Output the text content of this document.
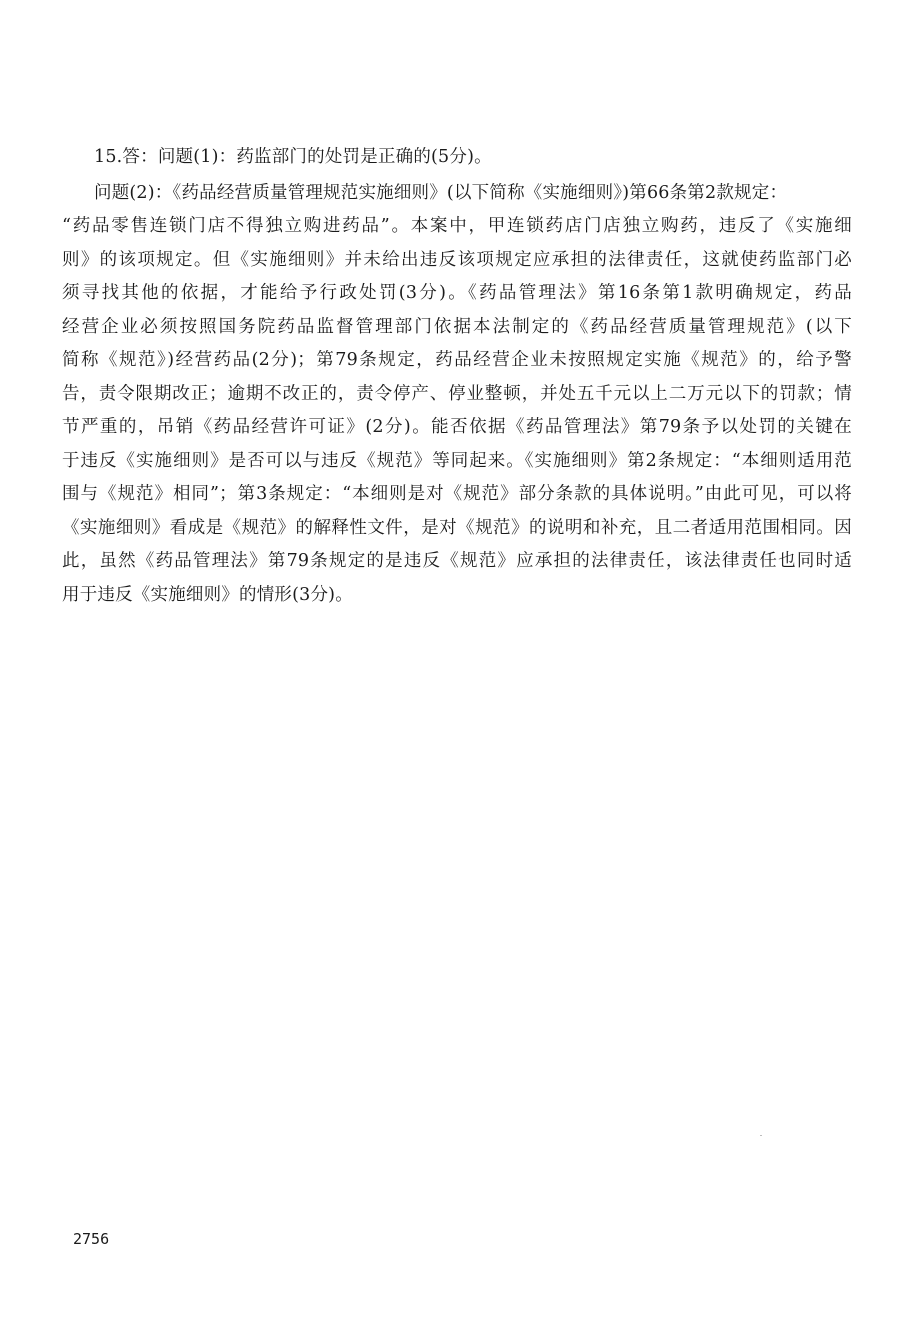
15.答：问题(1)：药监部门的处罚是正确的(5分)。

问题(2)：《药品经营质量管理规范实施细则》(以下简称《实施细则》)第66条第2款规定：

“药品零售连锁门店不得独立购进药品”。本案中，甲连锁药店门店独立购药，违反了《实施细

则》的该项规定。但《实施细则》并未给出违反该项规定应承担的法律责任，这就使药监部门必

须寻找其他的依据，才能给予行政处罚(3分)。《药品管理法》第16条第1款明确规定，药品

经营企业必须按照国务院药品监督管理部门依据本法制定的《药品经营质量管理规范》(以下

简称《规范》)经营药品(2分)；第79条规定，药品经营企业未按照规定实施《规范》的，给予警

告，责令限期改正；逾期不改正的，责令停产、停业整顿，并处五千元以上二万元以下的罚款；情

节严重的，吊销《药品经营许可证》(2分)。能否依据《药品管理法》第79条予以处罚的关键在

于违反《实施细则》是否可以与违反《规范》等同起来。《实施细则》第2条规定：“本细则适用范

围与《规范》相同”；第3条规定：“本细则是对《规范》部分条款的具体说明。”由此可见，可以将

《实施细则》看成是《规范》的解释性文件，是对《规范》的说明和补充，且二者适用范围相同。因

此，虽然《药品管理法》第79条规定的是违反《规范》应承担的法律责任，该法律责任也同时适

用于违反《实施细则》的情形(3分)。

2756
